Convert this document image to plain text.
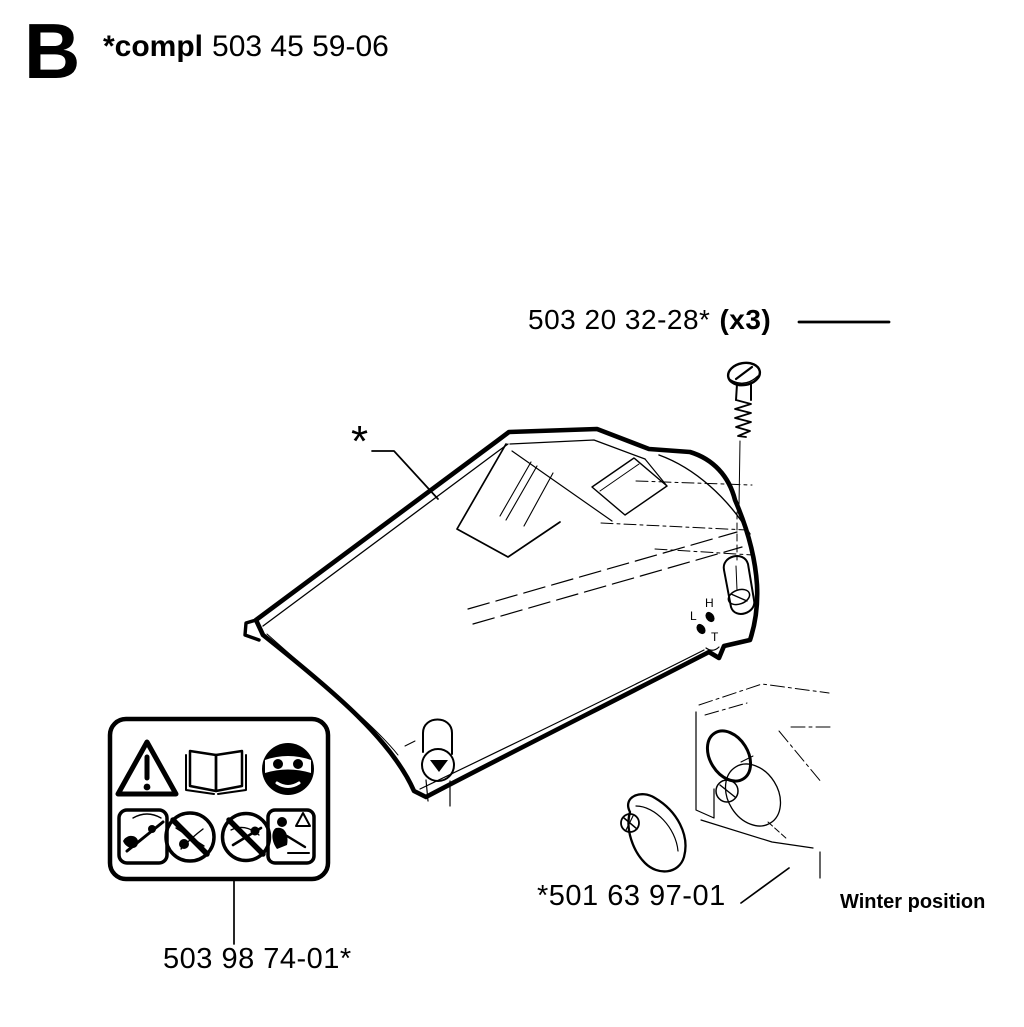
B *compl 503 45 59-06
503 20 32-28* (x3)
*
503 98 74-01*
*501 63 97-01	Winter position
H
L
T
